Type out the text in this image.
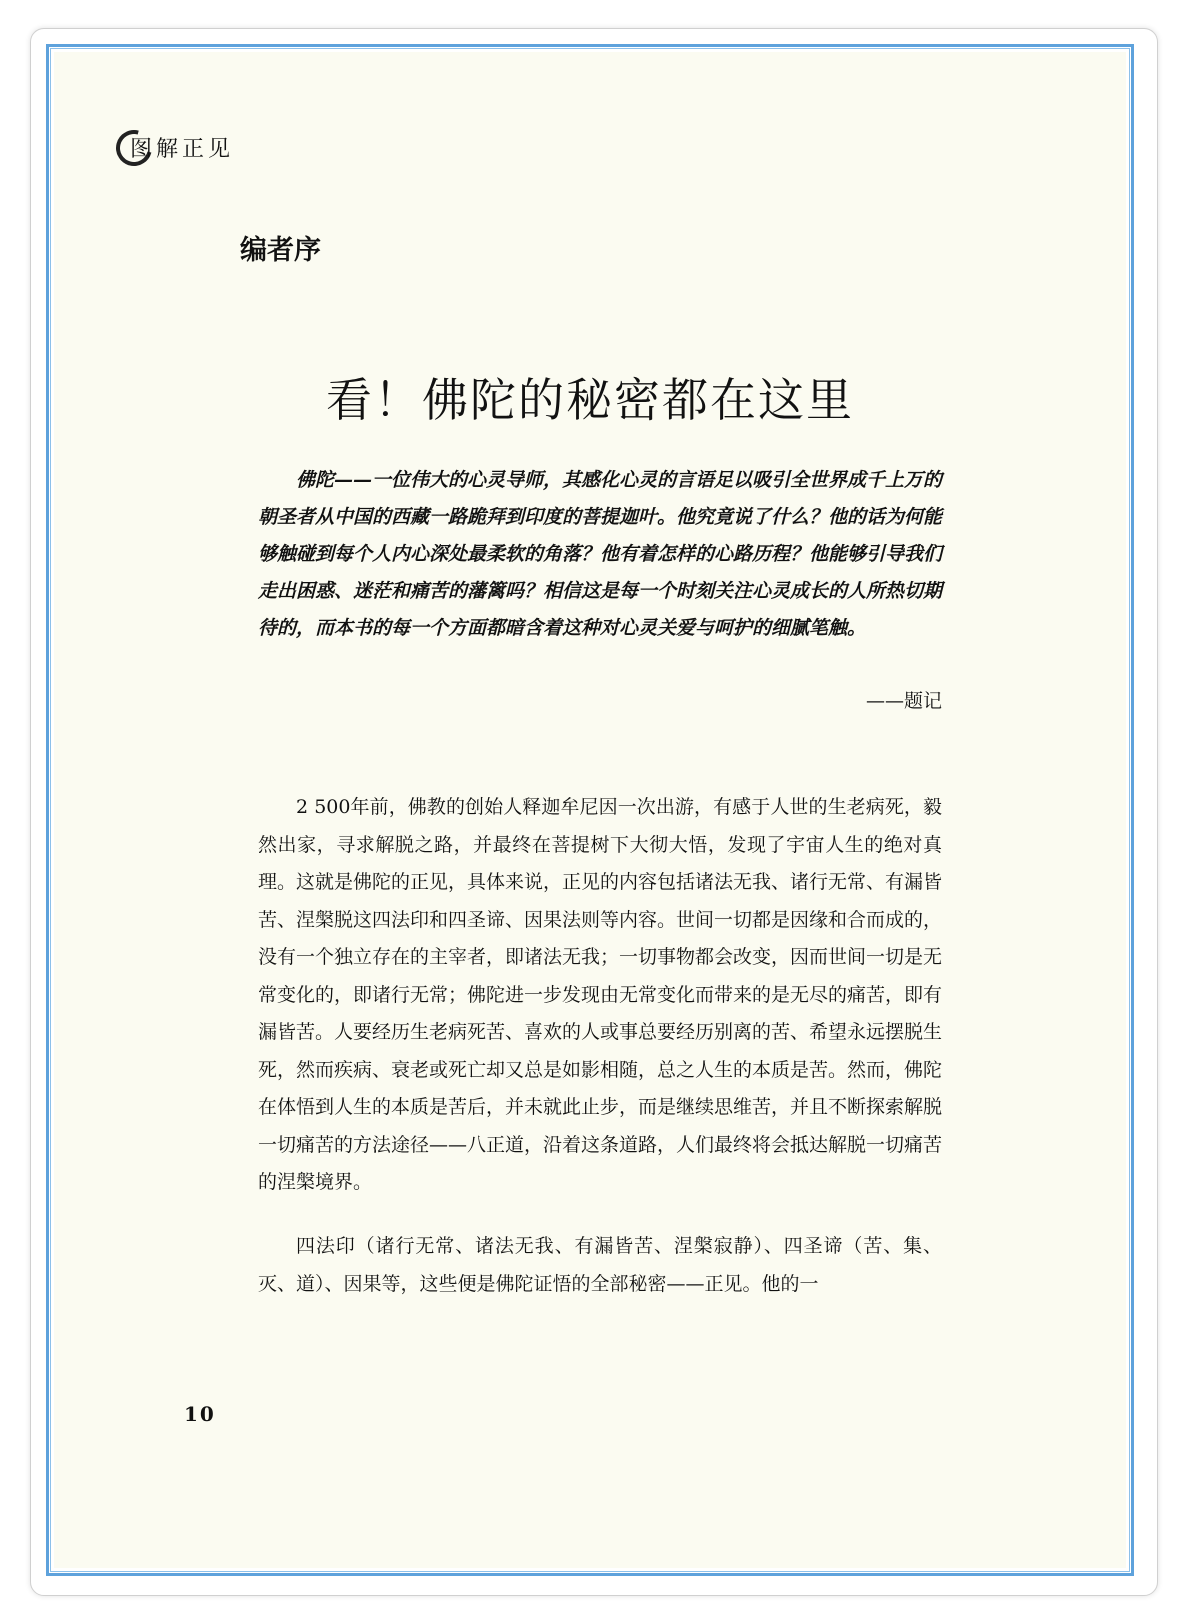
图解正见
编者序
看！佛陀的秘密都在这里

佛陀——一位伟大的心灵导师，其感化心灵的言语足以吸引全世界成千上万的朝圣者从中国的西藏一路跪拜到印度的菩提迦叶。他究竟说了什么？他的话为何能够触碰到每个人内心深处最柔软的角落？他有着怎样的心路历程？他能够引导我们走出困惑、迷茫和痛苦的藩篱吗？相信这是每一个时刻关注心灵成长的人所热切期待的，而本书的每一个方面都暗含着这种对心灵关爱与呵护的细腻笔触。

——题记

2 500年前，佛教的创始人释迦牟尼因一次出游，有感于人世的生老病死，毅然出家，寻求解脱之路，并最终在菩提树下大彻大悟，发现了宇宙人生的绝对真理。这就是佛陀的正见，具体来说，正见的内容包括诸法无我、诸行无常、有漏皆苦、涅槃脱这四法印和四圣谛、因果法则等内容。世间一切都是因缘和合而成的，没有一个独立存在的主宰者，即诸法无我；一切事物都会改变，因而世间一切是无常变化的，即诸行无常；佛陀进一步发现由无常变化而带来的是无尽的痛苦，即有漏皆苦。人要经历生老病死苦、喜欢的人或事总要经历别离的苦、希望永远摆脱生死，然而疾病、衰老或死亡却又总是如影相随，总之人生的本质是苦。然而，佛陀在体悟到人生的本质是苦后，并未就此止步，而是继续思维苦，并且不断探索解脱一切痛苦的方法途径——八正道，沿着这条道路，人们最终将会抵达解脱一切痛苦的涅槃境界。

四法印（诸行无常、诸法无我、有漏皆苦、涅槃寂静）、四圣谛（苦、集、灭、道）、因果等，这些便是佛陀证悟的全部秘密——正见。他的一

10
